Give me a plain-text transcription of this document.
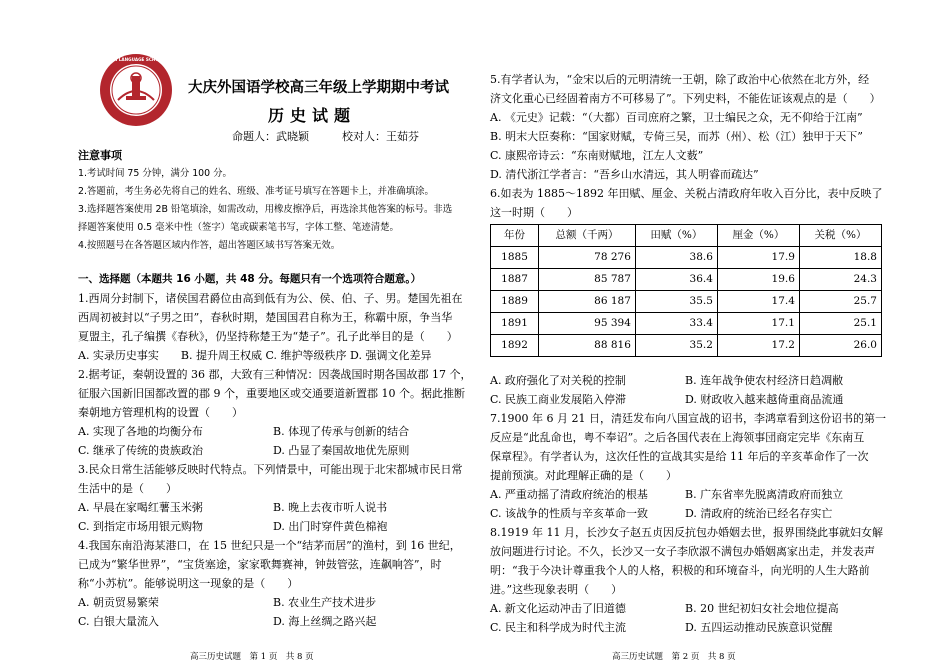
DAQING FOREIGN LANGUAGE SCHOOL 大庆外国语学校
大庆外国语学校高三年级上学期期中考试
历史试题
命题人：武晓颖　　　校对人：王茹芬
注意事项
1.考试时间 75 分钟，满分 100 分。
2.答题前，考生务必先将自己的姓名、班级、准考证号填写在答题卡上，并准确填涂。
3.选择题答案使用 2B 铅笔填涂，如需改动，用橡皮擦净后，再选涂其他答案的标号。非选
择题答案使用 0.5 毫米中性（签字）笔或碳素笔书写，字体工整、笔迹清楚。
4.按照题号在各答题区域内作答，超出答题区域书写答案无效。
一、选择题（本题共 16 小题，共 48 分。每题只有一个选项符合题意。）
1.西周分封制下，诸侯国君爵位由高到低有为公、侯、伯、子、男。楚国先祖在
西周初被封以“子男之田”，春秋时期，楚国国君自称为王，称霸中原，争当华
夏盟主，孔子编撰《春秋》，仍坚持称楚王为“楚子”。孔子此举目的是（　　）
A. 实录历史事实　　B. 提升周王权威 C. 维护等级秩序 D. 强调文化差异
2.据考证，秦朝设置的 36 郡，大致有三种情况：因袭战国时期各国故郡 17 个，
征服六国新旧国都改置的郡 9 个，重要地区或交通要道新置郡 10 个。据此推断
秦朝地方管理机构的设置（　　）
A. 实现了各地的均衡分布	B. 体现了传承与创新的结合
C. 继承了传统的贵族政治	D. 凸显了秦国故地优先原则
3.民众日常生活能够反映时代特点。下列情景中，可能出现于北宋都城市民日常
生活中的是（　　）
A. 早晨在家喝红薯玉米粥	B. 晚上去夜市听人说书
C. 到指定市场用银元购物	D. 出门时穿件黄色棉袍
4.我国东南沿海某港口，在 15 世纪只是一个“结茅而居”的渔村，到 16 世纪，
已成为“繁华世界”，“宝货塞途，家家歌舞赛神，钟鼓管弦，连飙响答”，时
称“小苏杭”。能够说明这一现象的是（　　）
A. 朝贡贸易繁荣	B. 农业生产技术进步
C. 白银大量流入	D. 海上丝绸之路兴起
5.有学者认为，“金宋以后的元明清统一王朝，除了政治中心依然在北方外，经
济文化重心已经固着南方不可移易了”。下列史料，不能佐证该观点的是（　　）
A. 《元史》记载：“（大都）百司庶府之繁，卫士编民之众，无不仰给于江南”
B. 明末大臣奏称：“国家财赋，专倚三吴，而苏（州）、松（江）独甲于天下”
C. 康熙帝诗云：“东南财赋地，江左人文薮”
D. 清代浙江学者言：“吾乡山水清远，其人明睿而疏达”
6.如表为 1885～1892 年田赋、厘金、关税占清政府年收入百分比，表中反映了
这一时期（　　）
年份	总额（千两）	田赋（%）	厘金（%）	关税（%）
1885	78 276	38.6	17.9	18.8
1887	85 787	36.4	19.6	24.3
1889	86 187	35.5	17.4	25.7
1891	95 394	33.4	17.1	25.1
1892	88 816	35.2	17.2	26.0
A. 政府强化了对关税的控制	B. 连年战争使农村经济日趋凋敝
C. 民族工商业发展陷入停滞	D. 财政收入越来越倚重商品流通
7.1900 年 6 月 21 日，清廷发布向八国宣战的诏书，李鸿章看到这份诏书的第一
反应是“此乱命也，粤不奉诏”。之后各国代表在上海领事団商定完毕《东南互
保章程》。有学者认为，这次任性的宣战其实是给 11 年后的辛亥革命作了一次
提前预演。对此理解正确的是（　　）
A. 严重动摇了清政府统治的根基	B. 广东省率先脱离清政府而独立
C. 该战争的性质与辛亥革命一致	D. 清政府的统治已经名存实亡
8.1919 年 11 月，长沙女子赵五贞因反抗包办婚姻去世，报界围绕此事就妇女解
放问题进行讨论。不久，长沙又一女子李欣淑不满包办婚姻离家出走，并发表声
明：“我于今决计尊重我个人的人格，积极的和环境奋斗，向光明的人生大路前
进。”这些现象表明（　　）
A. 新文化运动冲击了旧道德	B. 20 世纪初妇女社会地位提高
C. 民主和科学成为时代主流	D. 五四运动推动民族意识觉醒
高三历史试题　第 1 页　共 8 页	高三历史试题　第 2 页　共 8 页
